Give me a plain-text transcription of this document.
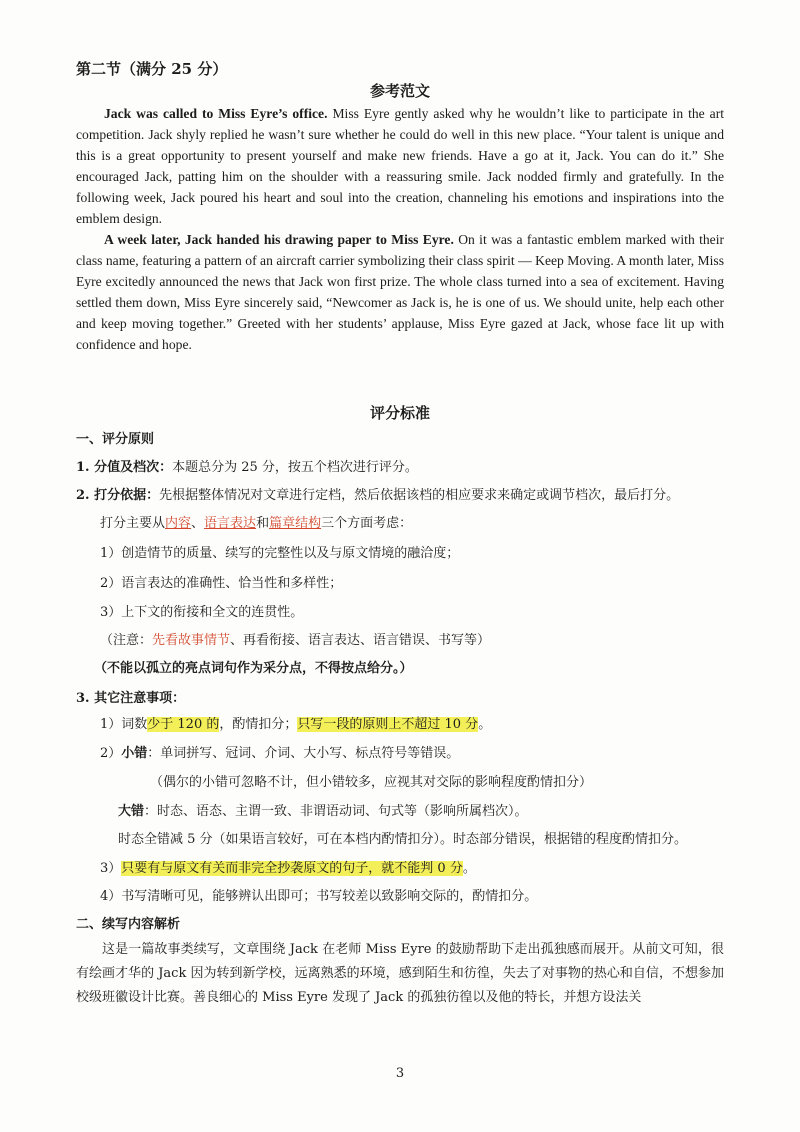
第二节（满分 25 分）
参考范文

Jack was called to Miss Eyre’s office. Miss Eyre gently asked why he wouldn’t like to participate in the art competition. Jack shyly replied he wasn’t sure whether he could do well in this new place. “Your talent is unique and this is a great opportunity to present yourself and make new friends. Have a go at it, Jack. You can do it.” She encouraged Jack, patting him on the shoulder with a reassuring smile. Jack nodded firmly and gratefully. In the following week, Jack poured his heart and soul into the creation, channeling his emotions and inspirations into the emblem design.

A week later, Jack handed his drawing paper to Miss Eyre. On it was a fantastic emblem marked with their class name, featuring a pattern of an aircraft carrier symbolizing their class spirit — Keep Moving. A month later, Miss Eyre excitedly announced the news that Jack won first prize. The whole class turned into a sea of excitement. Having settled them down, Miss Eyre sincerely said, “Newcomer as Jack is, he is one of us. We should unite, help each other and keep moving together.” Greeted with her students’ applause, Miss Eyre gazed at Jack, whose face lit up with confidence and hope.

评分标准
一、评分原则
1. 分值及档次：本题总分为 25 分，按五个档次进行评分。
2. 打分依据：先根据整体情况对文章进行定档，然后依据该档的相应要求来确定或调节档次，最后打分。
打分主要从内容、语言表达和篇章结构三个方面考虑：
1）创造情节的质量、续写的完整性以及与原文情境的融洽度；
2）语言表达的准确性、恰当性和多样性；
3）上下文的衔接和全文的连贯性。
（注意：先看故事情节、再看衔接、语言表达、语言错误、书写等）
（不能以孤立的亮点词句作为采分点，不得按点给分。）
3. 其它注意事项：
1）词数少于 120 的，酌情扣分；只写一段的原则上不超过 10 分。
2）小错：单词拼写、冠词、介词、大小写、标点符号等错误。
（偶尔的小错可忽略不计，但小错较多，应视其对交际的影响程度酌情扣分）
大错：时态、语态、主谓一致、非谓语动词、句式等（影响所属档次）。
时态全错减 5 分（如果语言较好，可在本档内酌情扣分）。时态部分错误，根据错的程度酌情扣分。
3）只要有与原文有关而非完全抄袭原文的句子，就不能判 0 分。
4）书写清晰可见，能够辨认出即可；书写较差以致影响交际的，酌情扣分。
二、续写内容解析

这是一篇故事类续写，文章围绕 Jack 在老师 Miss Eyre 的鼓励帮助下走出孤独感而展开。从前文可知，很有绘画才华的 Jack 因为转到新学校，远离熟悉的环境，感到陌生和彷徨，失去了对事物的热心和自信，不想参加校级班徽设计比赛。善良细心的 Miss Eyre 发现了 Jack 的孤独彷徨以及他的特长，并想方设法关

3
